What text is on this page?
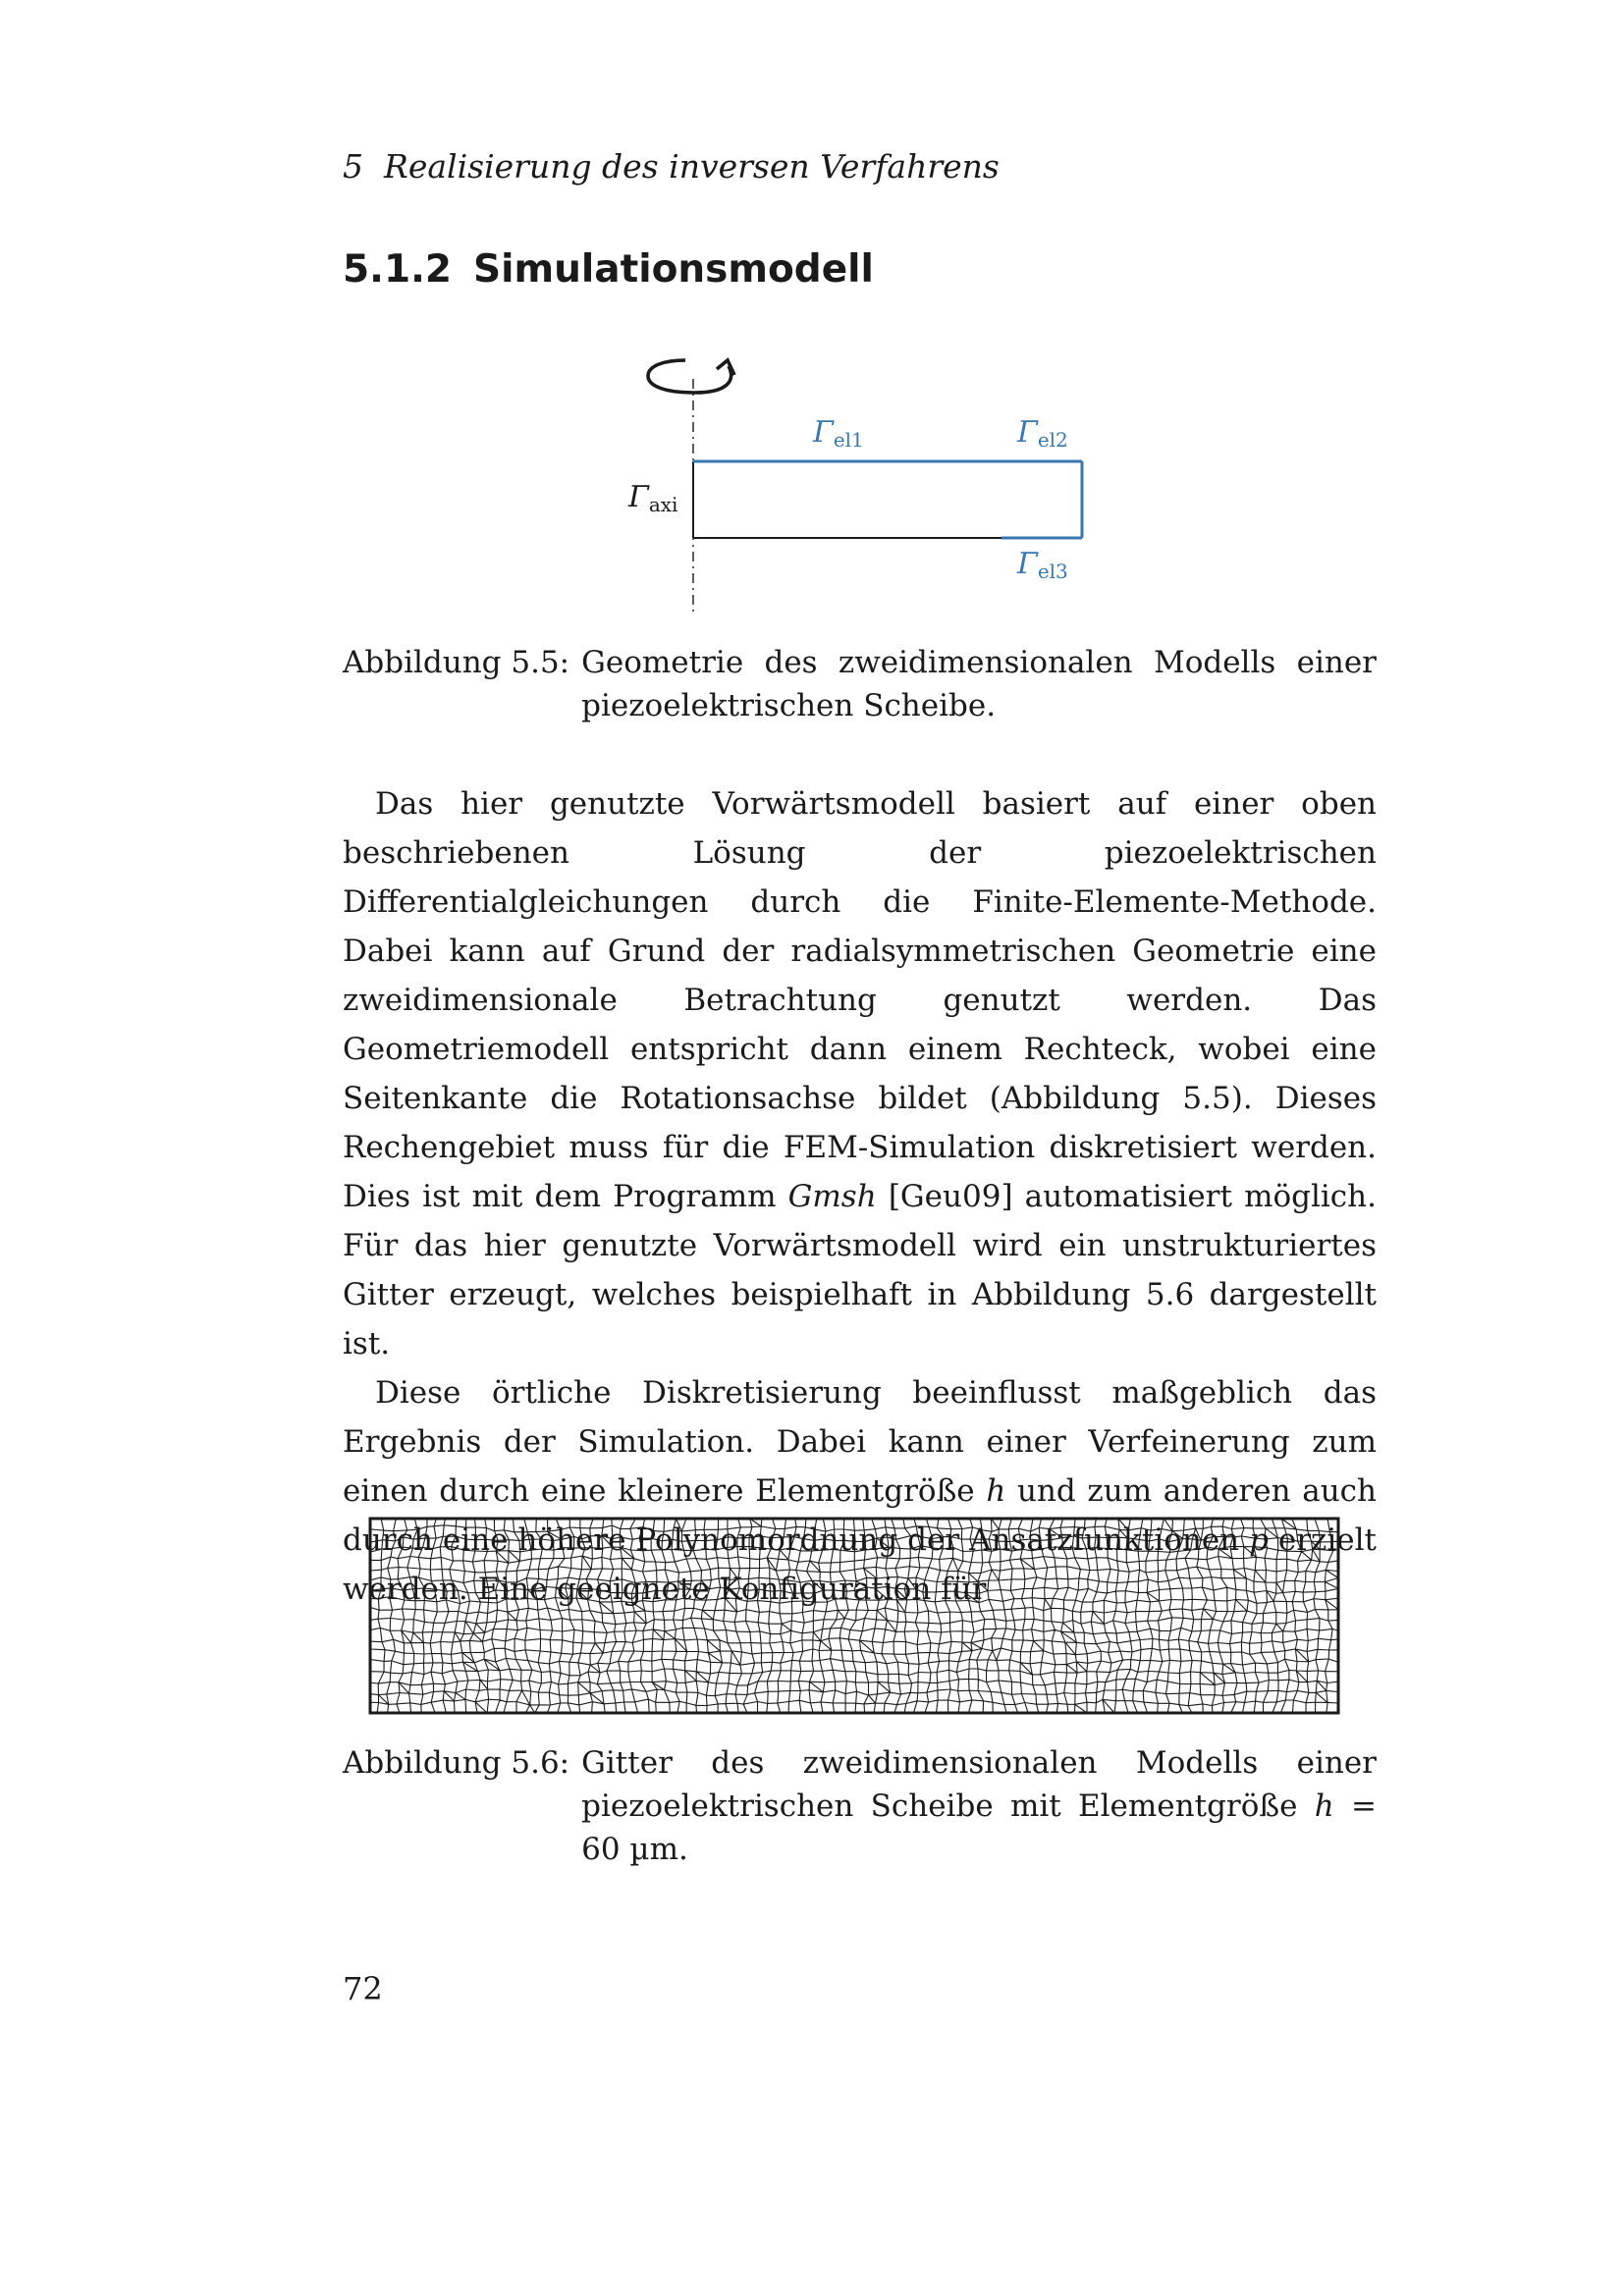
5 Realisierung des inversen Verfahrens
5.1.2 Simulationsmodell
Γel1	Γel2
Γel3
Γaxi
Abbildung 5.5: Geometrie des zweidimensionalen Modells einer piezoelektrischen Scheibe.

Das hier genutzte Vorwärtsmodell basiert auf einer oben beschriebenen Lösung der piezoelektrischen Differentialgleichungen durch die Finite-Elemente-Methode. Dabei kann auf Grund der radialsymmetrischen Geometrie eine zweidimensionale Betrachtung genutzt werden. Das Geometriemodell entspricht dann einem Rechteck, wobei eine Seitenkante die Rotationsachse bildet (Abbildung 5.5). Dieses Rechengebiet muss für die FEM-Simulation diskretisiert werden. Dies ist mit dem Programm Gmsh [Geu09] automatisiert möglich. Für das hier genutzte Vorwärtsmodell wird ein unstrukturiertes Gitter erzeugt, welches beispielhaft in Abbildung 5.6 dargestellt ist.

Diese örtliche Diskretisierung beeinflusst maßgeblich das Ergebnis der Simulation. Dabei kann einer Verfeinerung zum einen durch eine kleinere Elementgröße h und zum anderen auch durch eine höhere Polynomordnung der Ansatzfunktionen p erzielt werden. Eine geeignete Konfiguration für

Abbildung 5.6: Gitter des zweidimensionalen Modells einer piezoelektrischen Scheibe mit Elementgröße h = 60 µm.
72
